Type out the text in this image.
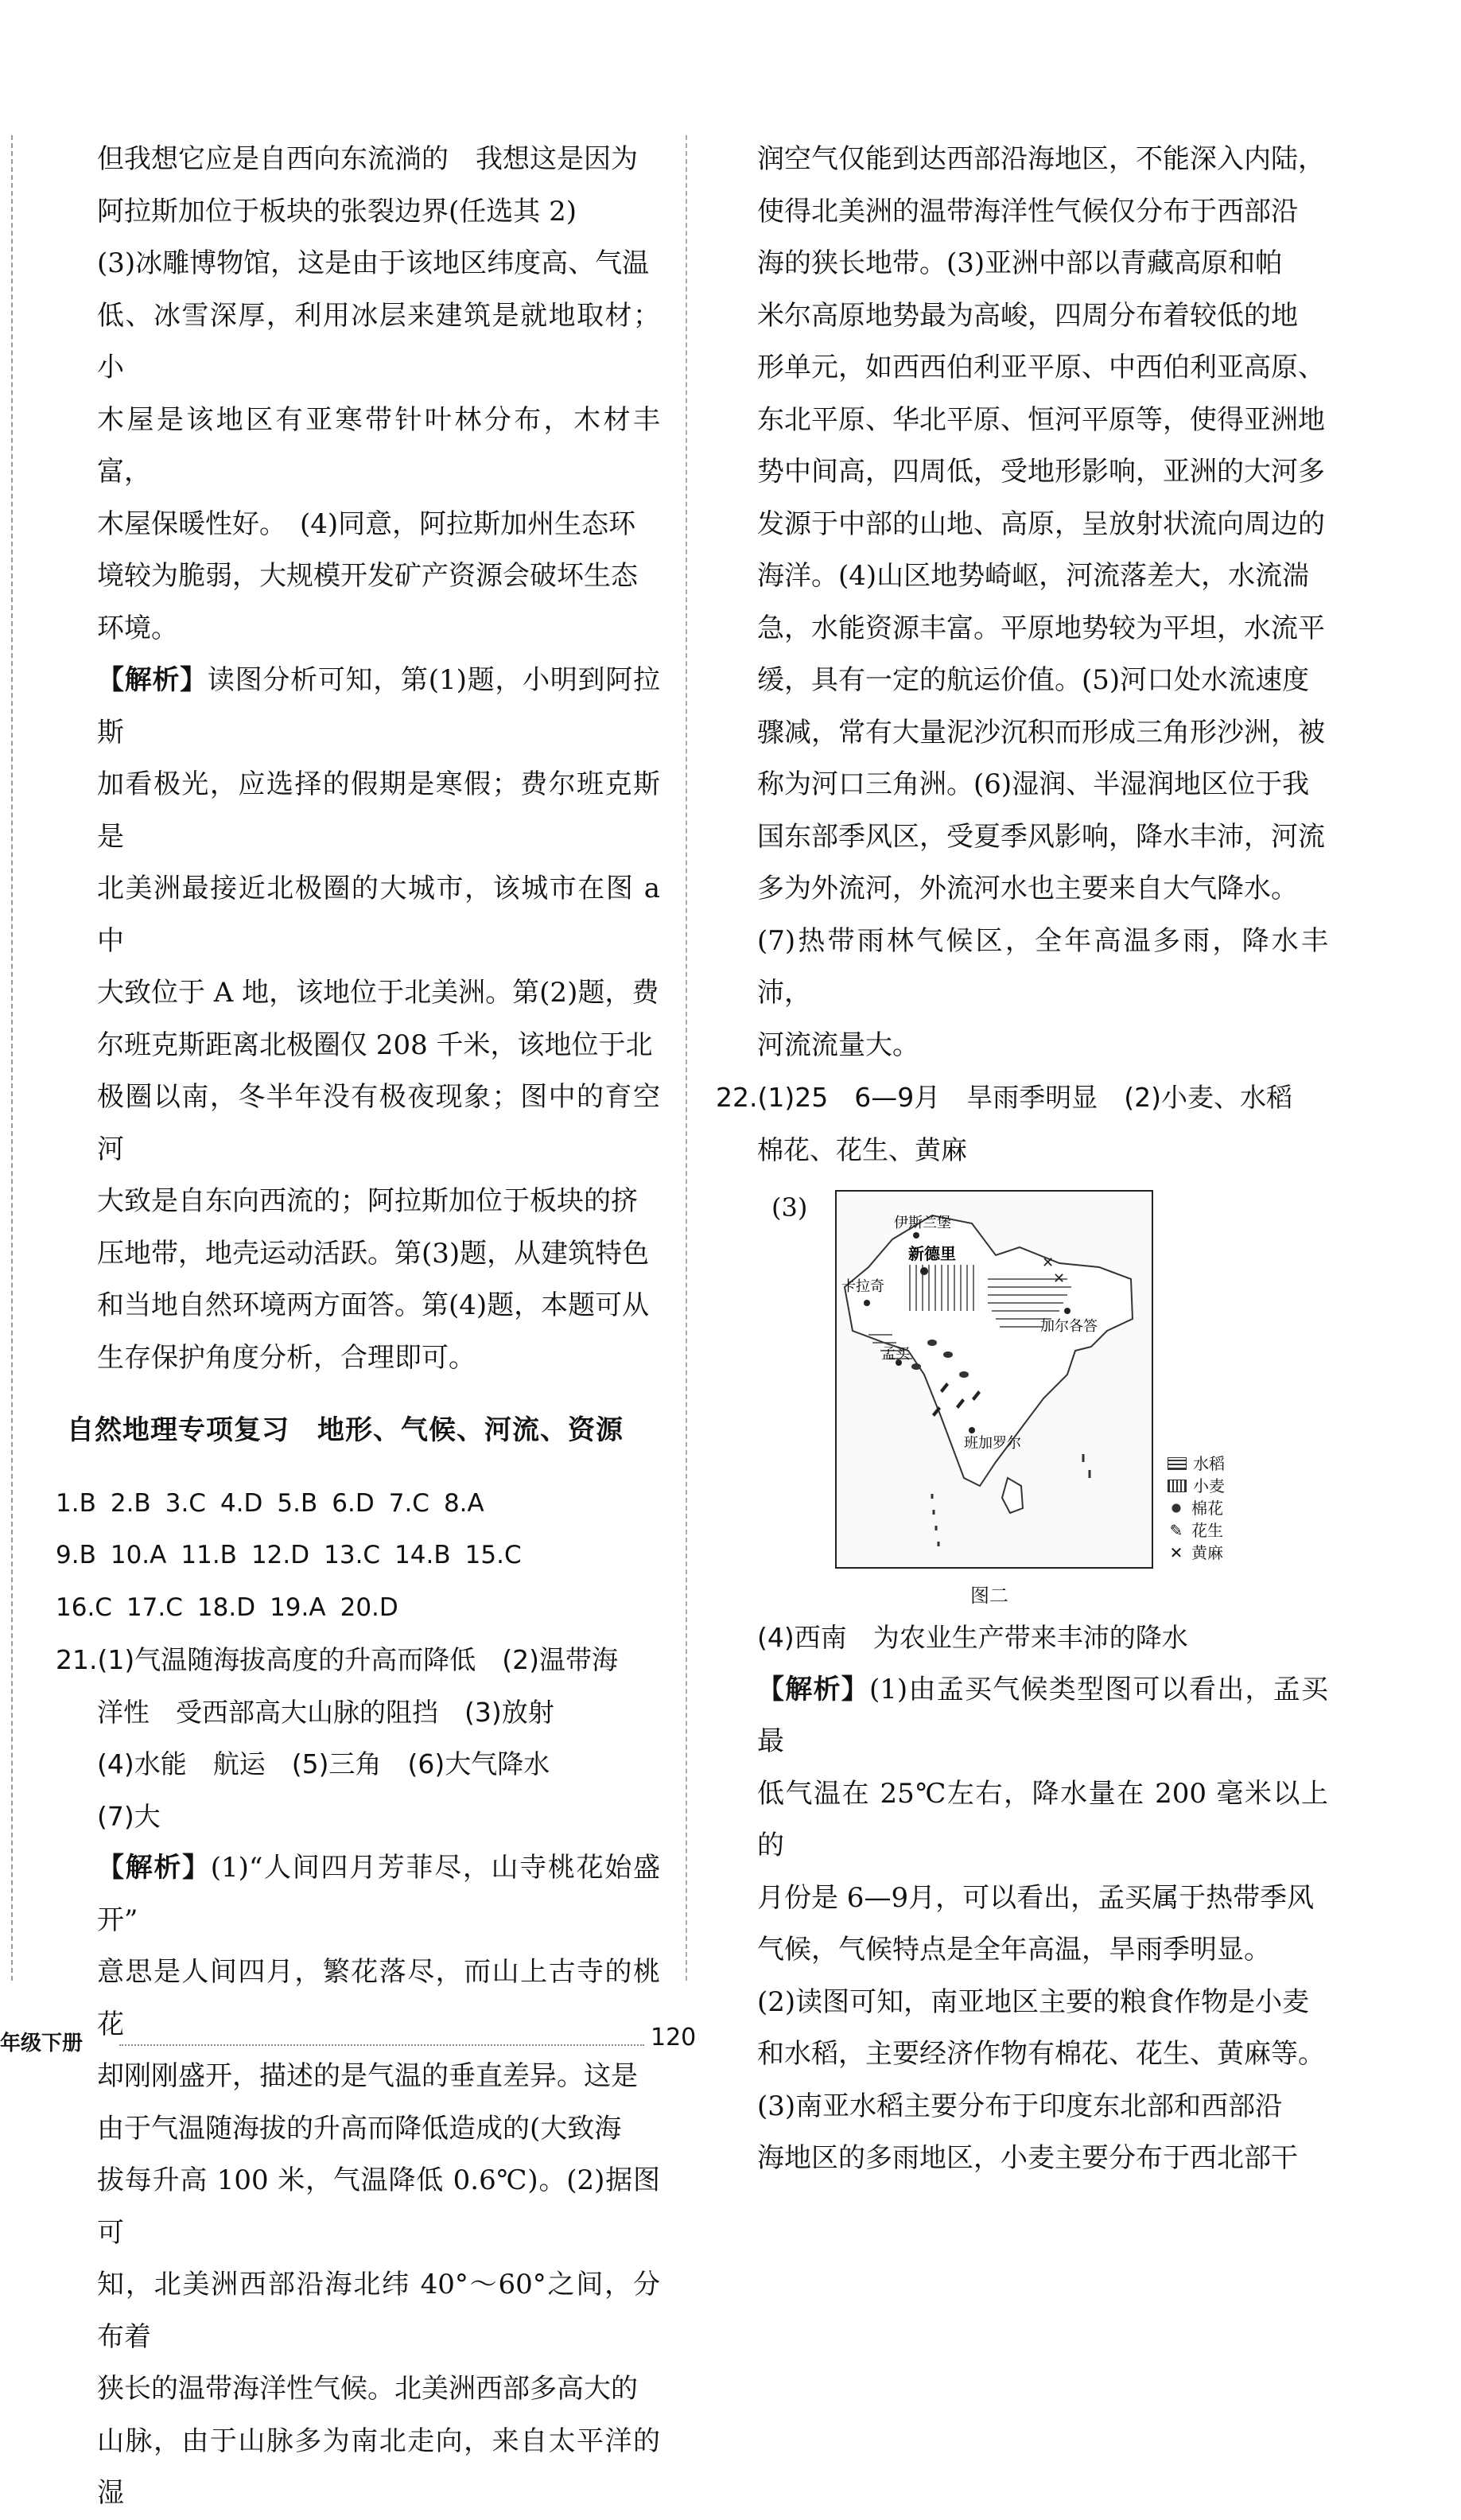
但我想它应是自西向东流淌的　我想这是因为

阿拉斯加位于板块的张裂边界(任选其 2)

(3)冰雕博物馆，这是由于该地区纬度高、气温

低、冰雪深厚，利用冰层来建筑是就地取材；小

木屋是该地区有亚寒带针叶林分布，木材丰富，

木屋保暖性好。　(4)同意，阿拉斯加州生态环

境较为脆弱，大规模开发矿产资源会破坏生态

环境。

【解析】读图分析可知，第(1)题，小明到阿拉斯

加看极光，应选择的假期是寒假；费尔班克斯是

北美洲最接近北极圈的大城市，该城市在图 a 中

大致位于 A 地，该地位于北美洲。第(2)题，费

尔班克斯距离北极圈仅 208 千米，该地位于北

极圈以南，冬半年没有极夜现象；图中的育空河

大致是自东向西流的；阿拉斯加位于板块的挤

压地带，地壳运动活跃。第(3)题，从建筑特色

和当地自然环境两方面答。第(4)题，本题可从

生存保护角度分析，合理即可。

自然地理专项复习　地形、气候、河流、资源
1.B 2.B 3.C 4.D 5.B 6.D 7.C 8.A
9.B 10.A 11.B 12.D 13.C 14.B 15.C
16.C 17.C 18.D 19.A 20.D

21.(1)气温随海拔高度的升高而降低　(2)温带海

洋性　受西部高大山脉的阻挡　(3)放射

(4)水能　航运　(5)三角　(6)大气降水

(7)大

【解析】(1)“人间四月芳菲尽，山寺桃花始盛开”

意思是人间四月，繁花落尽，而山上古寺的桃花

却刚刚盛开，描述的是气温的垂直差异。这是

由于气温随海拔的升高而降低造成的(大致海

拔每升高 100 米，气温降低 0.6℃)。(2)据图可

知，北美洲西部沿海北纬 40°～60°之间，分布着

狭长的温带海洋性气候。北美洲西部多高大的

山脉，由于山脉多为南北走向，来自太平洋的湿

润空气仅能到达西部沿海地区，不能深入内陆，

使得北美洲的温带海洋性气候仅分布于西部沿

海的狭长地带。(3)亚洲中部以青藏高原和帕

米尔高原地势最为高峻，四周分布着较低的地

形单元，如西西伯利亚平原、中西伯利亚高原、

东北平原、华北平原、恒河平原等，使得亚洲地

势中间高，四周低，受地形影响，亚洲的大河多

发源于中部的山地、高原，呈放射状流向周边的

海洋。(4)山区地势崎岖，河流落差大，水流湍

急，水能资源丰富。平原地势较为平坦，水流平

缓，具有一定的航运价值。(5)河口处水流速度

骤减，常有大量泥沙沉积而形成三角形沙洲，被

称为河口三角洲。(6)湿润、半湿润地区位于我

国东部季风区，受夏季风影响，降水丰沛，河流

多为外流河，外流河水也主要来自大气降水。

(7)热带雨林气候区，全年高温多雨，降水丰沛，

河流流量大。

22.(1)25　6—9月　旱雨季明显　(2)小麦、水稻

棉花、花生、黄麻

(3)
✕
✕
伊斯兰堡
新德里
卡拉奇
孟买
加尔各答
班加罗尔
图二
水稻
小麦
棉花
✎ 花生
✕ 黄麻

(4)西南　为农业生产带来丰沛的降水

【解析】(1)由孟买气候类型图可以看出，孟买最

低气温在 25℃左右，降水量在 200 毫米以上的

月份是 6—9月，可以看出，孟买属于热带季风

气候，气候特点是全年高温，旱雨季明显。

(2)读图可知，南亚地区主要的粮食作物是小麦

和水稻，主要经济作物有棉花、花生、黄麻等。

(3)南亚水稻主要分布于印度东北部和西部沿

海地区的多雨地区，小麦主要分布于西北部干

年级下册	120
